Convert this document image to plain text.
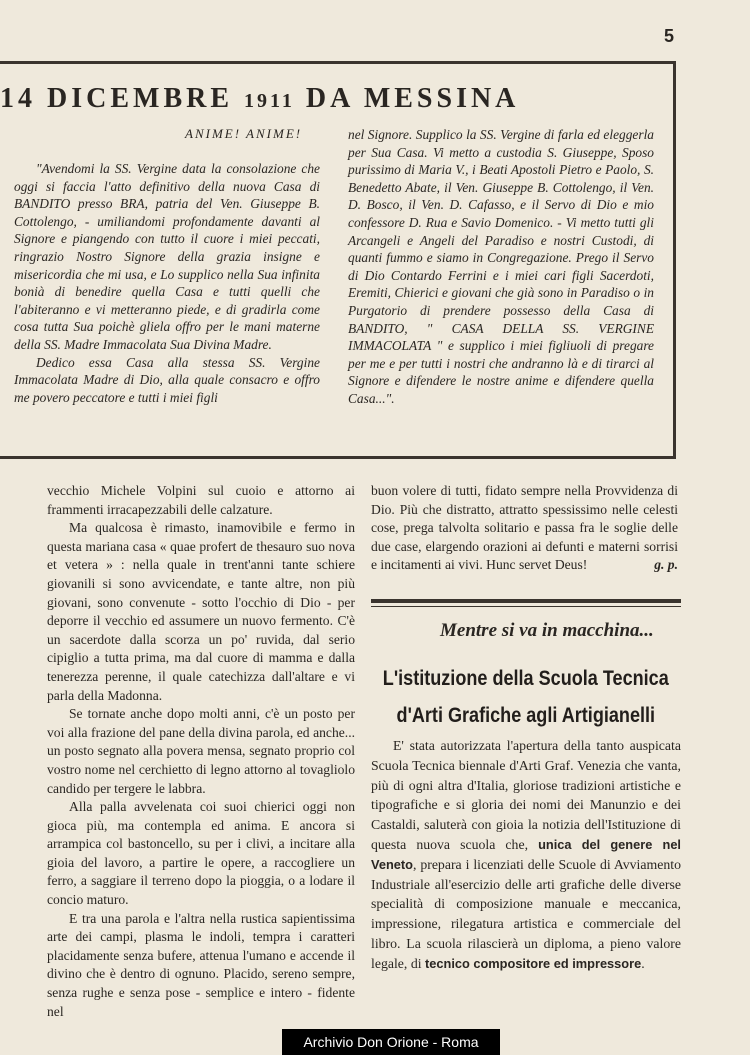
5
14 DICEMBRE 1911 DA MESSINA
ANIME! ANIME!

"Avendomi la SS. Vergine data la consolazione che oggi si faccia l'atto definitivo della nuova Casa di BANDITO presso BRA, patria del Ven. Giuseppe B. Cottolengo, - umiliandomi profondamente davanti al Signore e piangendo con tutto il cuore i miei peccati, ringrazio Nostro Signore della grazia insigne e misericordia che mi usa, e Lo supplico nella Sua infinita bonià di benedire quella Casa e tutti quelli che l'abiteranno e vi metteranno piede, e di gradirla come cosa tutta Sua poichè gliela offro per le mani materne della SS. Madre Immacolata Sua Divina Madre.

Dedico essa Casa alla stessa SS. Vergine Immacolata Madre di Dio, alla quale consacro e offro me povero peccatore e tutti i miei figli

nel Signore. Supplico la SS. Vergine di farla ed eleggerla per Sua Casa. Vi metto a custodia S. Giuseppe, Sposo purissimo di Maria V., i Beati Apostoli Pietro e Paolo, S. Benedetto Abate, il Ven. Giuseppe B. Cottolengo, il Ven. D. Bosco, il Ven. D. Cafasso, e il Servo di Dio e mio confessore D. Rua e Savio Domenico. - Vi metto tutti gli Arcangeli e Angeli del Paradiso e nostri Custodi, di quanti fummo e siamo in Congregazione. Prego il Servo di Dio Contardo Ferrini e i miei cari figli Sacerdoti, Eremiti, Chierici e giovani che già sono in Paradiso o in Purgatorio di prendere possesso della Casa di BANDITO, " CASA DELLA SS. VERGINE IMMACOLATA " e supplico i miei figliuoli di pregare per me e per tutti i nostri che andranno là e di tirarci al Signore e difendere le nostre anime e difendere quella Casa...".

vecchio Michele Volpini sul cuoio e attorno ai frammenti irracapezzabili delle calzature.

Ma qualcosa è rimasto, inamovibile e fermo in questa mariana casa « quae profert de thesauro suo nova et vetera » : nella quale in trent'anni tante schiere giovanili si sono avvicendate, e tante altre, non più giovani, sono convenute - sotto l'occhio di Dio - per deporre il vecchio ed assumere un nuovo fermento. C'è un sacerdote dalla scorza un po' ruvida, dal serio cipiglio a tutta prima, ma dal cuore di mamma e dalla tenerezza perenne, il quale catechizza dall'altare e vi parla della Madonna.

Se tornate anche dopo molti anni, c'è un posto per voi alla frazione del pane della divina parola, ed anche... un posto segnato alla povera mensa, segnato proprio col vostro nome nel cerchietto di legno attorno al tovagliolo candido per tergere le labbra.

Alla palla avvelenata coi suoi chierici oggi non gioca più, ma contempla ed anima. E ancora si arrampica col bastoncello, su per i clivi, a incitare alla gioia del lavoro, a partire le opere, a raccogliere un ferro, a saggiare il terreno dopo la pioggia, o a lodare il concio maturo.

E tra una parola e l'altra nella rustica sapientissima arte dei campi, plasma le indoli, tempra i caratteri placidamente senza bufere, attenua l'umano e accende il divino che è dentro di ognuno. Placido, sereno sempre, senza rughe e senza pose - semplice e intero - fidente nel

buon volere di tutti, fidato sempre nella Provvidenza di Dio. Più che distratto, attratto spessissimo nelle celesti cose, prega talvolta solitario e passa fra le soglie delle due case, elargendo orazioni ai defunti e materni sorrisi e incitamenti ai vivi. Hunc servet Deus!	g. p.

Mentre si va in macchina...
L'istituzione della Scuola Tecnica d'Arti Grafiche agli Artigianelli

E' stata autorizzata l'apertura della tanto auspicata Scuola Tecnica biennale d'Arti Graf. Venezia che vanta, più di ogni altra d'Italia, gloriose tradizioni artistiche e tipografiche e si gloria dei nomi dei Manunzio e dei Castaldi, saluterà con gioia la notizia dell'Istituzione di questa nuova scuola che, unica del genere nel Veneto, prepara i licenziati delle Scuole di Avviamento Industriale all'esercizio delle arti grafiche delle diverse specialità di composizione manuale e meccanica, impressione, rilegatura artistica e commerciale del libro. La scuola rilascierà un diploma, a pieno valore legale, di tecnico compositore ed impressore.

Archivio Don Orione - Roma
